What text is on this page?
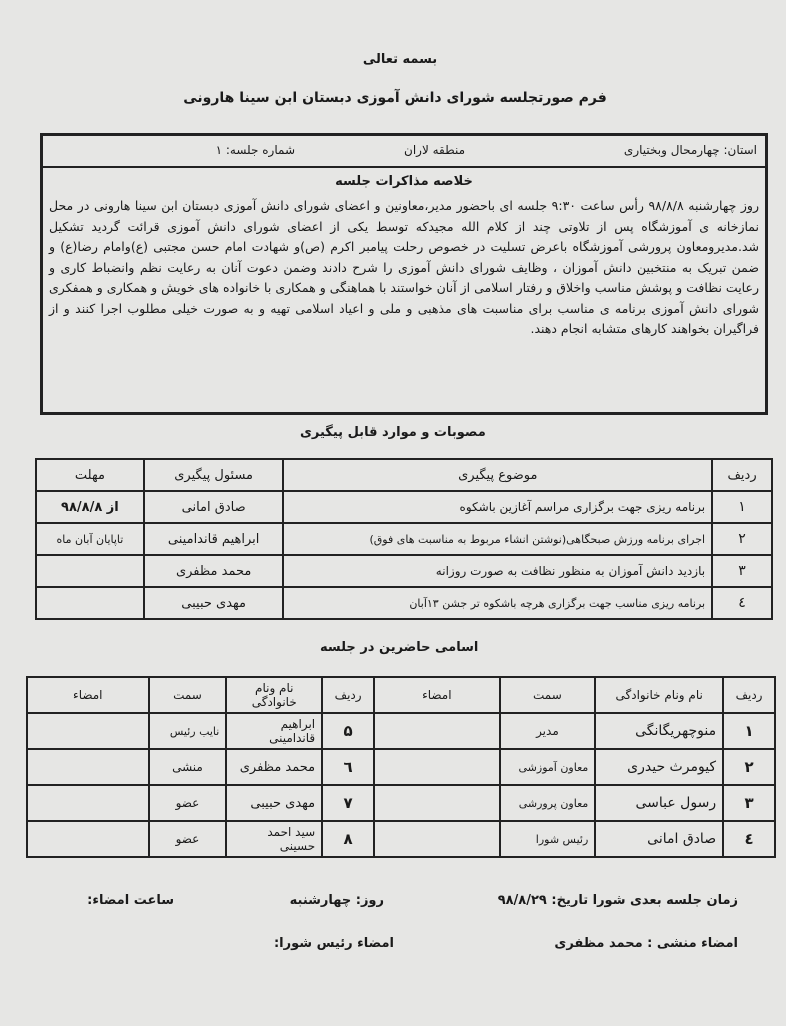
بسمه تعالی
فرم صورتجلسه شورای دانش آموزی دبستان ابن سینا هارونی
استان: چهارمحال وبختیاری
منطقه لاران
شماره جلسه: ۱
خلاصه مذاکرات جلسه
روز چهارشنبه ۹۸/۸/۸ رأس ساعت ۹:۳۰ جلسه ای باحضور مدیر،معاونین و اعضای شورای دانش آموزی دبستان ابن سینا هارونی در محل نمازخانه ی آموزشگاه پس از تلاوتی چند از کلام الله مجیدکه توسط یکی از اعضای شورای دانش آموزی قرائت گردید تشکیل شد.مدیرومعاون پرورشی آموزشگاه باعرض تسلیت در خصوص رحلت پیامبر اکرم (ص)و شهادت امام حسن مجتبی (ع)وامام رضا(ع) و ضمن تبریک به منتخبین دانش آموزان ، وظایف شورای دانش آموزی را شرح دادند وضمن دعوت آنان به رعایت نظم وانضباط کاری و رعایت نظافت و پوشش مناسب واخلاق و رفتار اسلامی از آنان خواستند با هماهنگی و همکاری با خانواده های خویش و همکاری و همفکری شورای دانش آموزی برنامه ی مناسب برای مناسبت های مذهبی و ملی و اعیاد اسلامی تهیه و به صورت خیلی مطلوب اجرا کنند و از فراگیران بخواهند کارهای متشابه انجام دهند.
مصوبات و موارد قابل پیگیری
ردیف	موضوع پیگیری	مسئول پیگیری	مهلت
۱	برنامه ریزی جهت برگزاری مراسم آغازین باشکوه	صادق امانی	از ۹۸/۸/۸
۲	اجرای برنامه ورزش صبحگاهی(نوشتن انشاء مربوط به مناسبت های فوق)	ابراهیم قاندامینی	تاپایان آبان ماه
۳	بازدید دانش آموزان به منظور نظافت به صورت روزانه	محمد مظفری	
٤	برنامه ریزی مناسب جهت برگزاری هرچه باشکوه تر جشن ۱۳آبان	مهدی حبیبی	
اسامی حاضرین در جلسه
ردیف	نام ونام خانوادگی	سمت	امضاء	ردیف	نام ونام خانوادگی	سمت	امضاء
۱	منوچهریگانگی	مدیر		۵	ابراهیم قاندامینی	نایب رئیس	
۲	کیومرث حیدری	معاون آموزشی		٦	محمد مظفری	منشی	
۳	رسول عباسی	معاون پرورشی		۷	مهدی حبیبی	عضو	
٤	صادق امانی	رئیس شورا		۸	سید احمد حسینی	عضو	
زمان جلسه بعدی شورا تاریخ: ۹۸/۸/۲۹
روز: چهارشنبه
ساعت امضاء:
امضاء منشی : محمد مظفری
امضاء رئیس شورا:
